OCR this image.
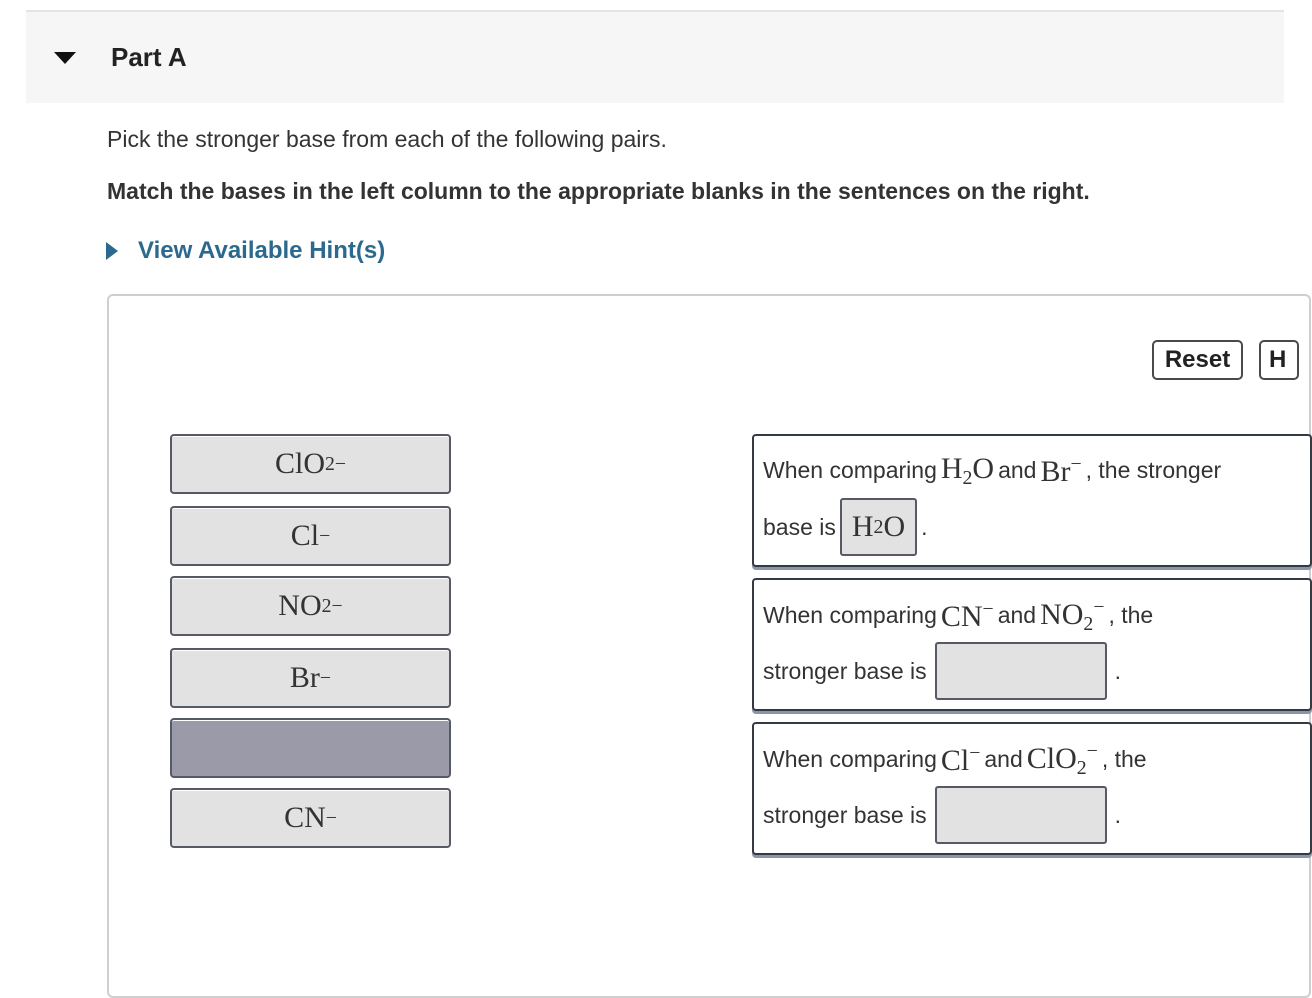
Part A
Pick the stronger base from each of the following pairs.
Match the bases in the left column to the appropriate blanks in the sentences on the right.
View Available Hint(s)
Reset	H
ClO 2 −
Cl −
NO 2 −
Br −
CN −
When comparing $H_2O$ and Br− , the stronger
base is H 2 O .
When comparing CN− and $NO_2^-$ , the
stronger base is	.
When comparing Cl− and ClO$_2$− , the
stronger base is	.
